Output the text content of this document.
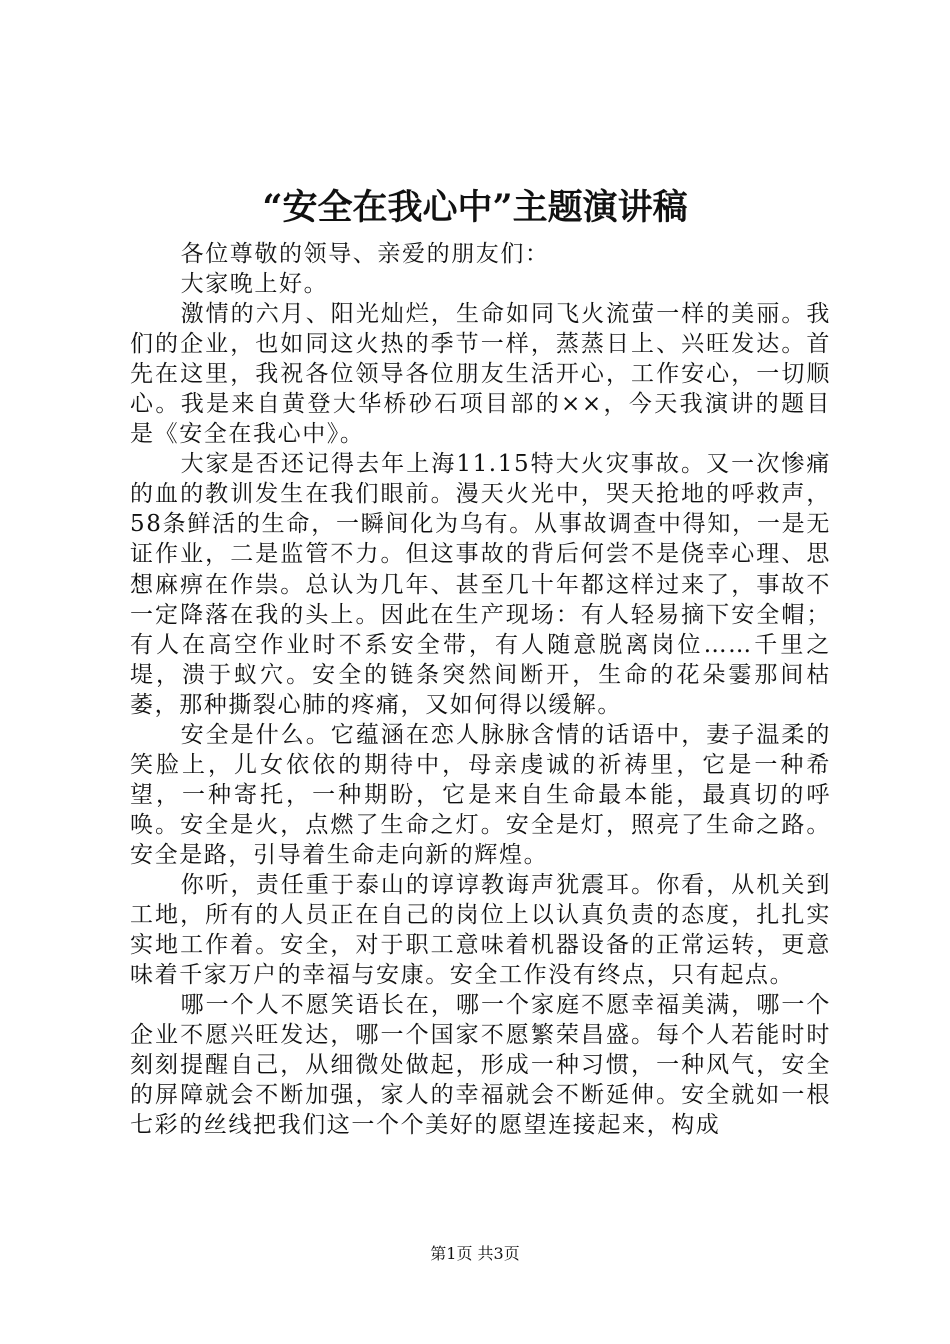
“安全在我心中”主题演讲稿

各位尊敬的领导、亲爱的朋友们：

大家晚上好。

激情的六月、阳光灿烂，生命如同飞火流萤一样的美丽。我们的企业，也如同这火热的季节一样，蒸蒸日上、兴旺发达。首先在这里，我祝各位领导各位朋友生活开心，工作安心，一切顺心。我是来自黄登大华桥砂石项目部的××，今天我演讲的题目是《安全在我心中》。

大家是否还记得去年上海11.15特大火灾事故。又一次惨痛的血的教训发生在我们眼前。漫天火光中，哭天抢地的呼救声，58条鲜活的生命，一瞬间化为乌有。从事故调查中得知，一是无证作业，二是监管不力。但这事故的背后何尝不是侥幸心理、思想麻痹在作祟。总认为几年、甚至几十年都这样过来了，事故不一定降落在我的头上。因此在生产现场：有人轻易摘下安全帽；有人在高空作业时不系安全带，有人随意脱离岗位……千里之堤，溃于蚁穴。安全的链条突然间断开，生命的花朵霎那间枯萎，那种撕裂心肺的疼痛，又如何得以缓解。

安全是什么。它蕴涵在恋人脉脉含情的话语中，妻子温柔的笑脸上，儿女依依的期待中，母亲虔诚的祈祷里，它是一种希望，一种寄托，一种期盼，它是来自生命最本能，最真切的呼唤。安全是火，点燃了生命之灯。安全是灯，照亮了生命之路。安全是路，引导着生命走向新的辉煌。

你听，责任重于泰山的谆谆教诲声犹震耳。你看，从机关到工地，所有的人员正在自己的岗位上以认真负责的态度，扎扎实实地工作着。安全，对于职工意味着机器设备的正常运转，更意味着千家万户的幸福与安康。安全工作没有终点，只有起点。

哪一个人不愿笑语长在，哪一个家庭不愿幸福美满，哪一个企业不愿兴旺发达，哪一个国家不愿繁荣昌盛。每个人若能时时刻刻提醒自己，从细微处做起，形成一种习惯，一种风气，安全的屏障就会不断加强，家人的幸福就会不断延伸。安全就如一根七彩的丝线把我们这一个个美好的愿望连接起来，构成

第1页 共3页
